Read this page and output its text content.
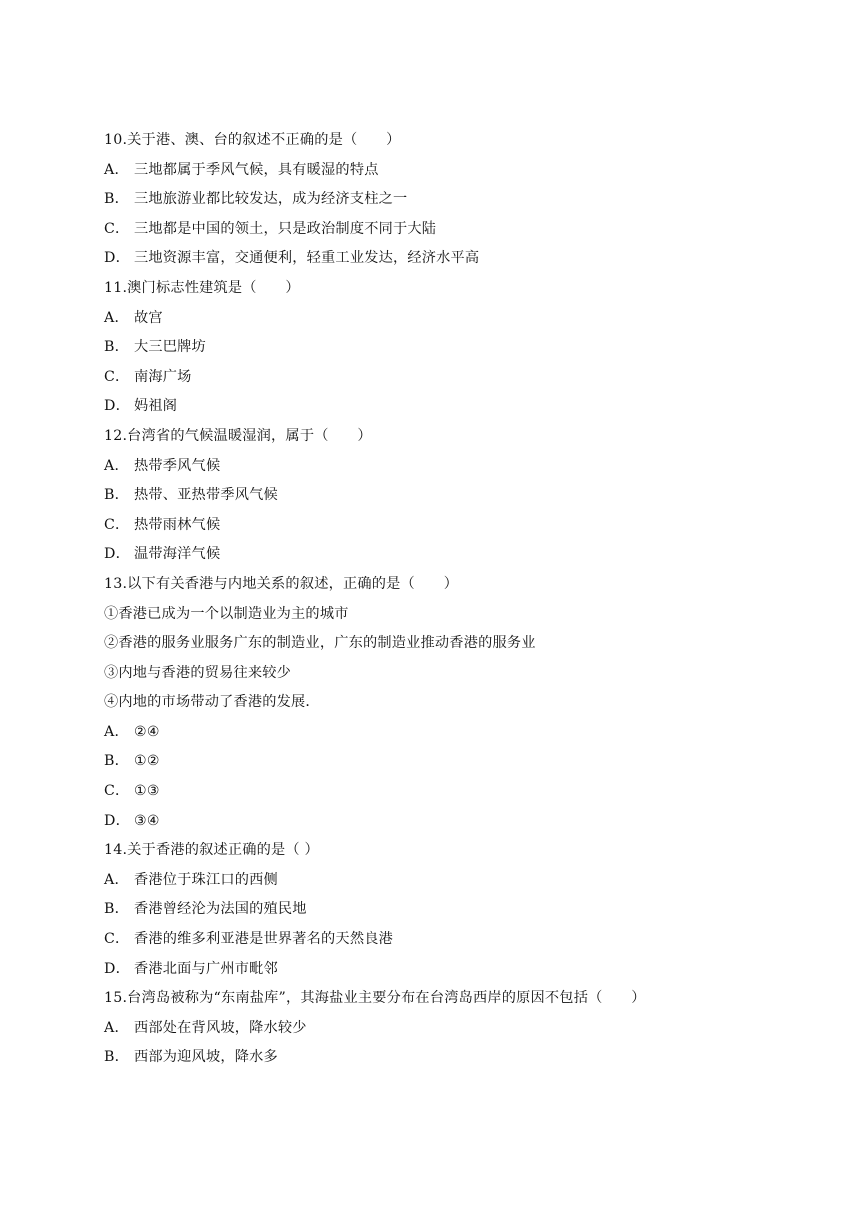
10.关于港、澳、台的叙述不正确的是（　　）
A． 三地都属于季风气候，具有暖湿的特点
B． 三地旅游业都比较发达，成为经济支柱之一
C． 三地都是中国的领土，只是政治制度不同于大陆
D． 三地资源丰富，交通便利，轻重工业发达，经济水平高
11.澳门标志性建筑是（　　）
A． 故宫
B． 大三巴牌坊
C． 南海广场
D． 妈祖阁
12.台湾省的气候温暖湿润，属于（　　）
A． 热带季风气候
B． 热带、亚热带季风气候
C． 热带雨林气候
D． 温带海洋气候
13.以下有关香港与内地关系的叙述，正确的是（　　）
①香港已成为一个以制造业为主的城市
②香港的服务业服务广东的制造业，广东的制造业推动香港的服务业
③内地与香港的贸易往来较少
④内地的市场带动了香港的发展．
A． ②④
B． ①②
C． ①③
D． ③④
14.关于香港的叙述正确的是（ ）
A． 香港位于珠江口的西侧
B． 香港曾经沦为法国的殖民地
C． 香港的维多利亚港是世界著名的天然良港
D． 香港北面与广州市毗邻
15.台湾岛被称为“东南盐库”，其海盐业主要分布在台湾岛西岸的原因不包括（　　）
A． 西部处在背风坡，降水较少
B． 西部为迎风坡，降水多
